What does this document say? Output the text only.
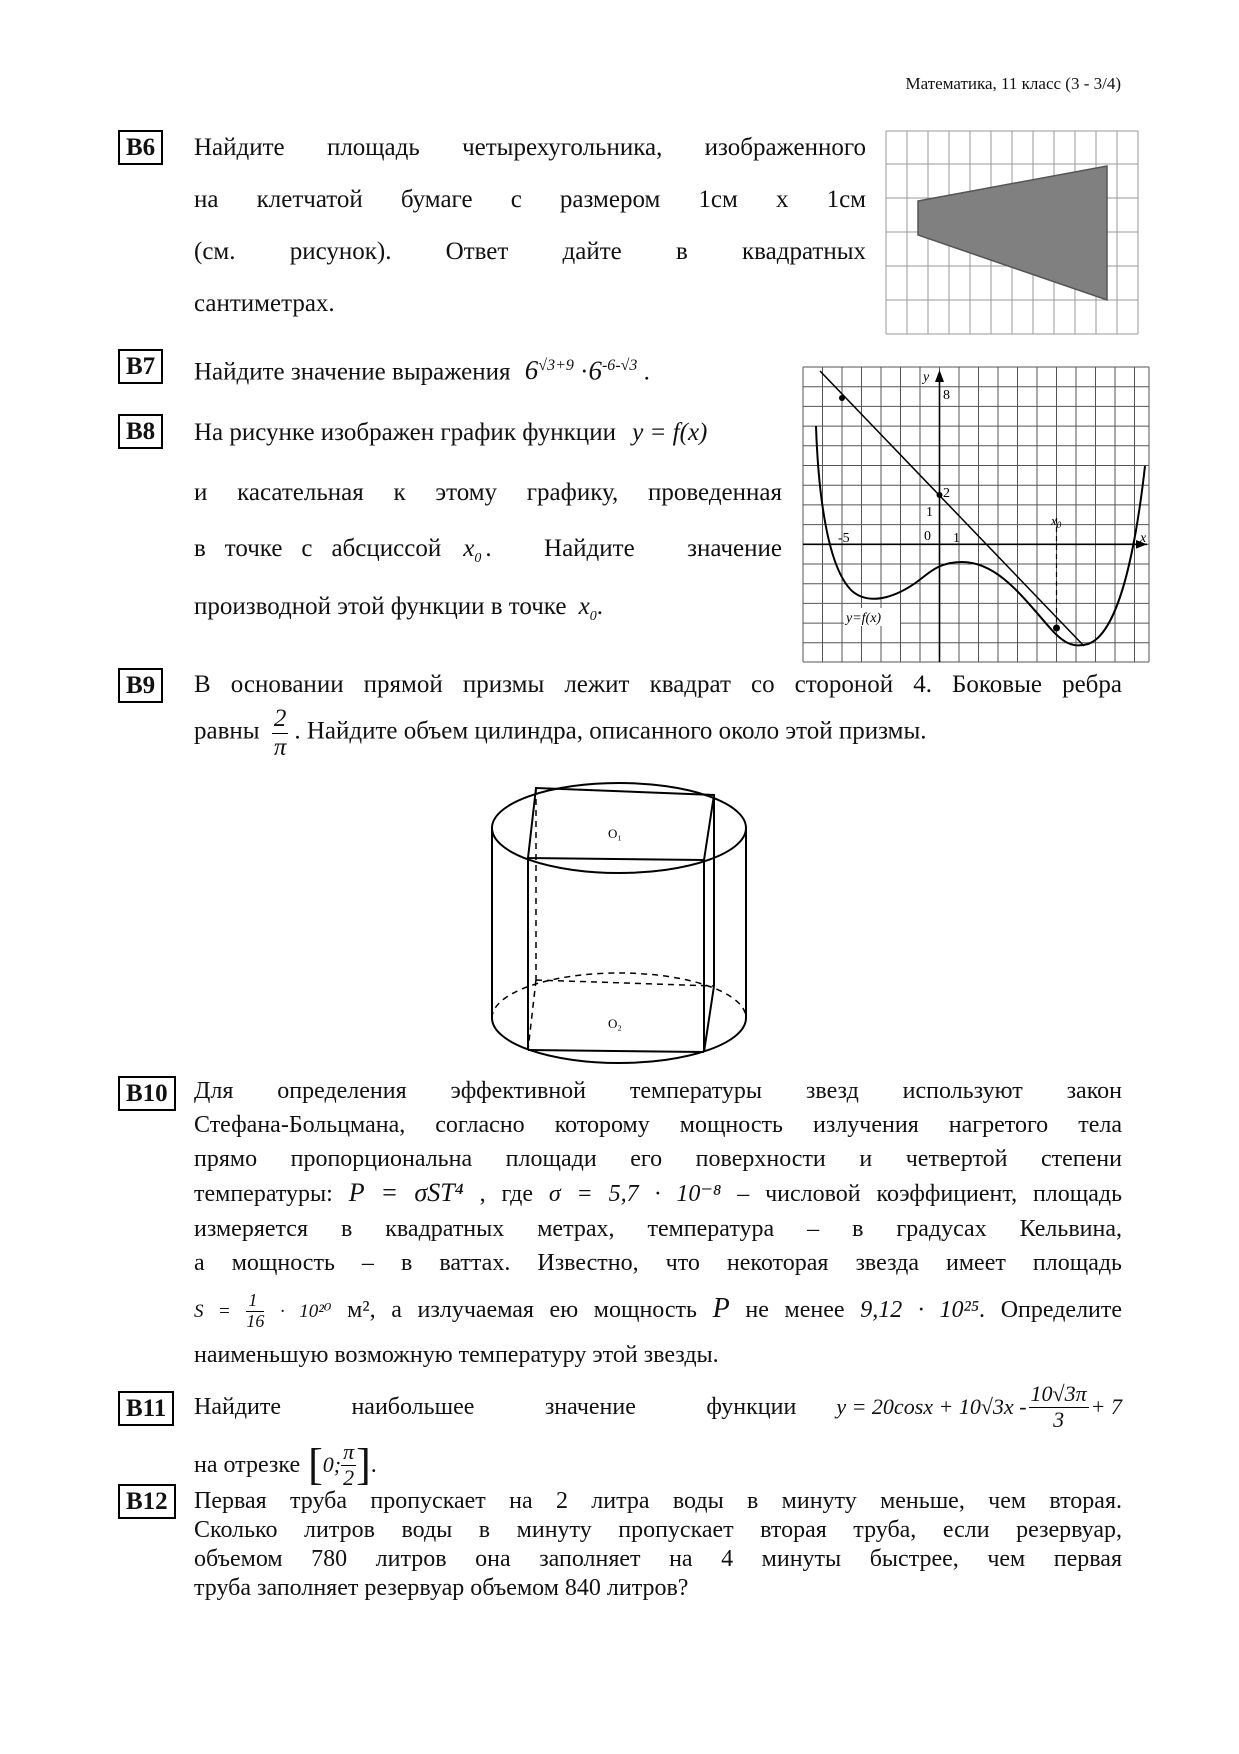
Математика, 11 класс (3 - 3/4)
B6	Найдите площадь четырехугольника, изображенного
на клетчатой бумаге с размером 1см х 1см
(см. рисунок). Ответ дайте в квадратных
сантиметрах.
B7	Найдите значение выражения $6^{√3+9} \cdot 6^{-6-√3}$ .
B8	На рисунке изображен график функции y = f(x)
и касательная к этому графику, проведенная
в точке с абсциссой $x_0$ . Найдите значение
производной этой функции в точке $x_0$.
y
x
8
2
1
-5	0 1
$x_0$
y=f(x)
B9	В основании прямой призмы лежит квадрат со стороной 4. Боковые ребра
равны $\frac{2}{\pi}$ . Найдите объем цилиндра, описанного около этой призмы.
O₁
O₂
B10	Для определения эффективной температуры звезд используют закон
Стефана-Больцмана, согласно которому мощность излучения нагретого тела
прямо пропорциональна площади его поверхности и четвертой степени
температуры: P = σST⁴ , где σ = 5,7 · 10⁻⁸ – числовой коэффициент, площадь
измеряется в квадратных метрах, температура – в градусах Кельвина,
а мощность – в ваттах. Известно, что некоторая звезда имеет площадь
$S = \frac{1}{16} \cdot 10^{20}$ м², а излучаемая ею мощность P не менее 9,12 · 10²⁵. Определите
наименьшую возможную температуру этой звезды.
B11	Найдите наибольшее значение функции $y = 20\cos x + 10√3x - \frac{10√3\pi}{3} + 7$
на отрезке [ 0; $\frac{\pi}{2}$ ] .
B12	Первая труба пропускает на 2 литра воды в минуту меньше, чем вторая.
Сколько литров воды в минуту пропускает вторая труба, если резервуар,
объемом 780 литров она заполняет на 4 минуты быстрее, чем первая
труба заполняет резервуар объемом 840 литров?
